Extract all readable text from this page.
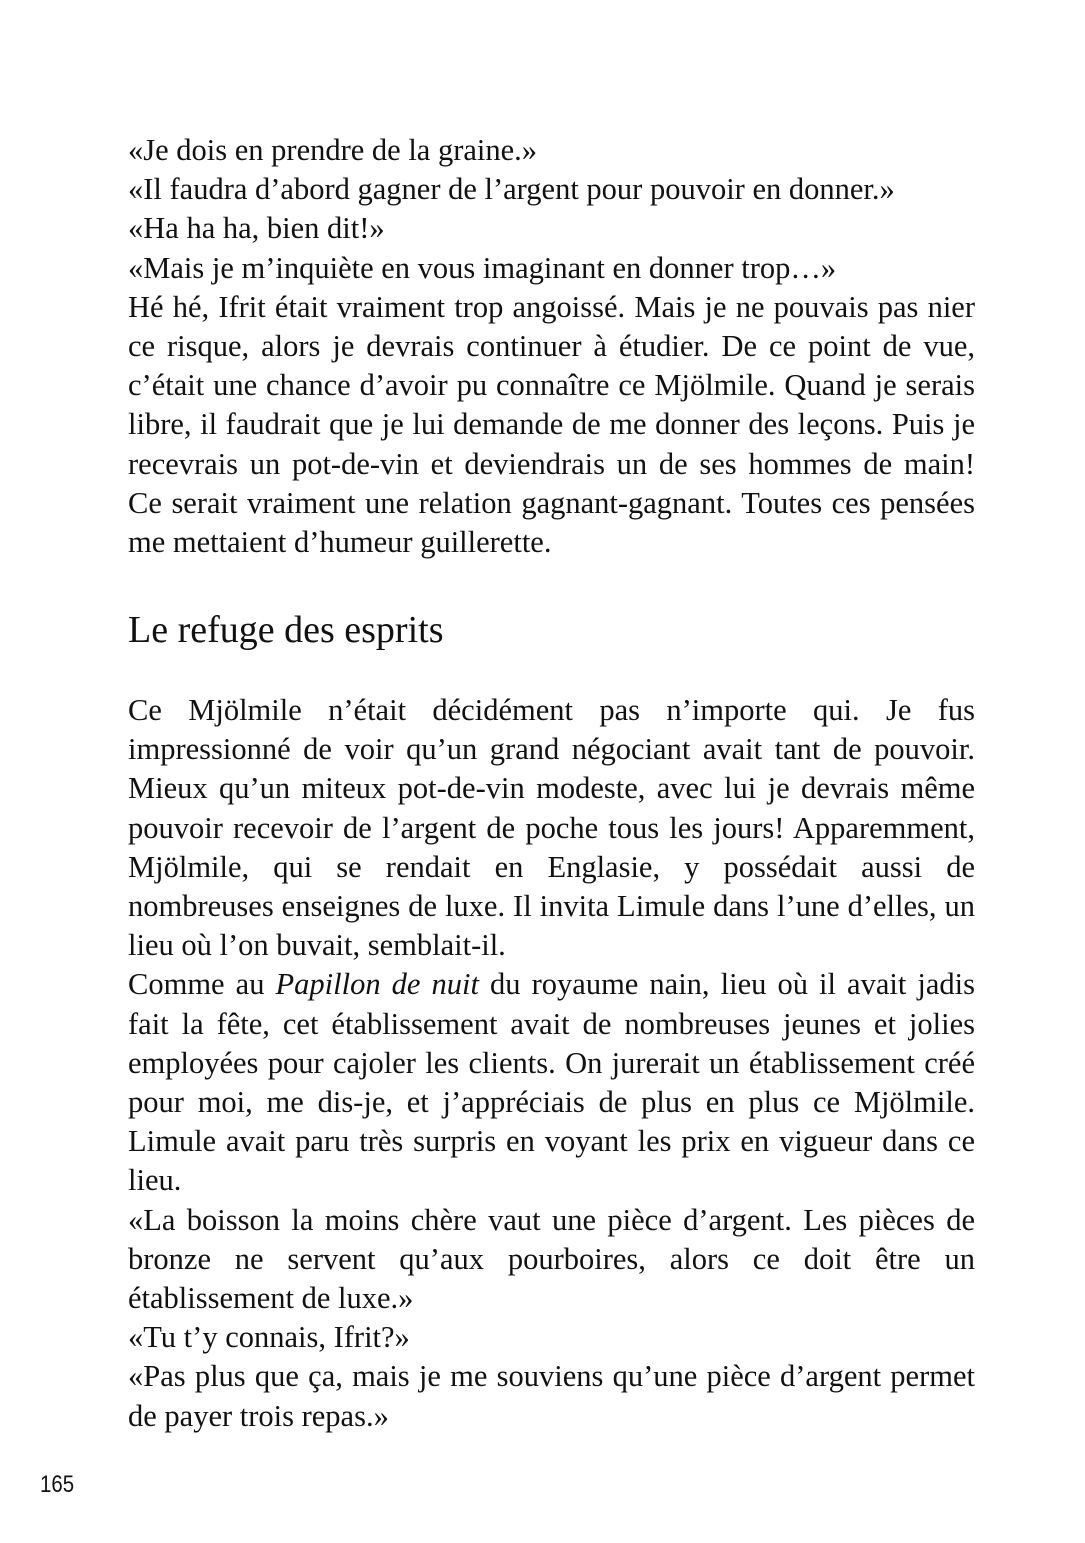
«Je dois en prendre de la graine.»

«Il faudra d’abord gagner de l’argent pour pouvoir en donner.»

«Ha ha ha, bien dit!»

«Mais je m’inquiète en vous imaginant en donner trop…»

Hé hé, Ifrit était vraiment trop angoissé. Mais je ne pouvais pas nier ce risque, alors je devrais continuer à étudier. De ce point de vue, c’était une chance d’avoir pu connaître ce Mjölmile. Quand je serais libre, il faudrait que je lui demande de me donner des leçons. Puis je recevrais un pot-de-vin et deviendrais un de ses hommes de main! Ce serait vraiment une relation gagnant-gagnant. Toutes ces pensées me mettaient d’humeur guillerette.

Le refuge des esprits

Ce Mjölmile n’était décidément pas n’importe qui. Je fus impressionné de voir qu’un grand négociant avait tant de pouvoir. Mieux qu’un miteux pot-de-vin modeste, avec lui je devrais même pouvoir recevoir de l’argent de poche tous les jours! Apparemment, Mjölmile, qui se rendait en Englasie, y possédait aussi de nombreuses enseignes de luxe. Il invita Limule dans l’une d’elles, un lieu où l’on buvait, semblait-il.

Comme au Papillon de nuit du royaume nain, lieu où il avait jadis fait la fête, cet établissement avait de nombreuses jeunes et jolies employées pour cajoler les clients. On jurerait un établissement créé pour moi, me dis-je, et j’appréciais de plus en plus ce Mjölmile. Limule avait paru très surpris en voyant les prix en vigueur dans ce lieu.

«La boisson la moins chère vaut une pièce d’argent. Les pièces de bronze ne servent qu’aux pourboires, alors ce doit être un établissement de luxe.»

«Tu t’y connais, Ifrit?»

«Pas plus que ça, mais je me souviens qu’une pièce d’argent permet de payer trois repas.»

165
